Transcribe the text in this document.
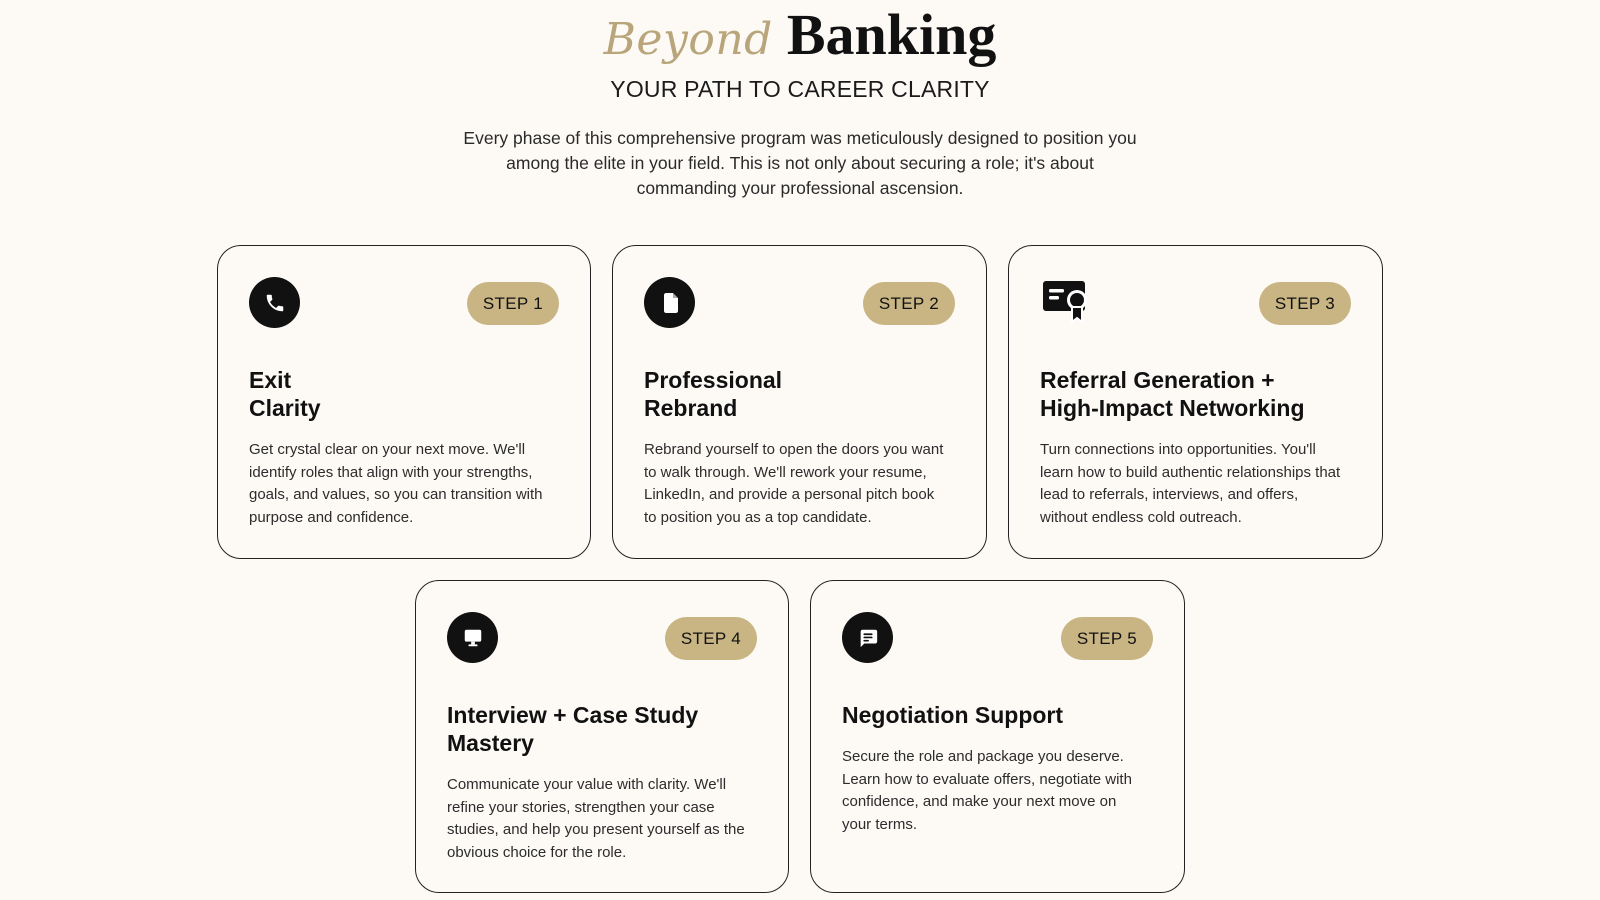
Beyond Banking
YOUR PATH TO CAREER CLARITY
Every phase of this comprehensive program was meticulously designed to position you among the elite in your field. This is not only about securing a role; it's about commanding your professional ascension.
STEP 1
Exit
Clarity
Get crystal clear on your next move. We'll identify roles that align with your strengths, goals, and values, so you can transition with purpose and confidence.
STEP 2
Professional
Rebrand
Rebrand yourself to open the doors you want to walk through. We'll rework your resume, LinkedIn, and provide a personal pitch book to position you as a top candidate.
STEP 3
Referral Generation +
High-Impact Networking
Turn connections into opportunities. You'll learn how to build authentic relationships that lead to referrals, interviews, and offers, without endless cold outreach.
STEP 4
Interview + Case Study
Mastery
Communicate your value with clarity. We'll refine your stories, strengthen your case studies, and help you present yourself as the obvious choice for the role.
STEP 5
Negotiation Support
Secure the role and package you deserve. Learn how to evaluate offers, negotiate with confidence, and make your next move on your terms.
